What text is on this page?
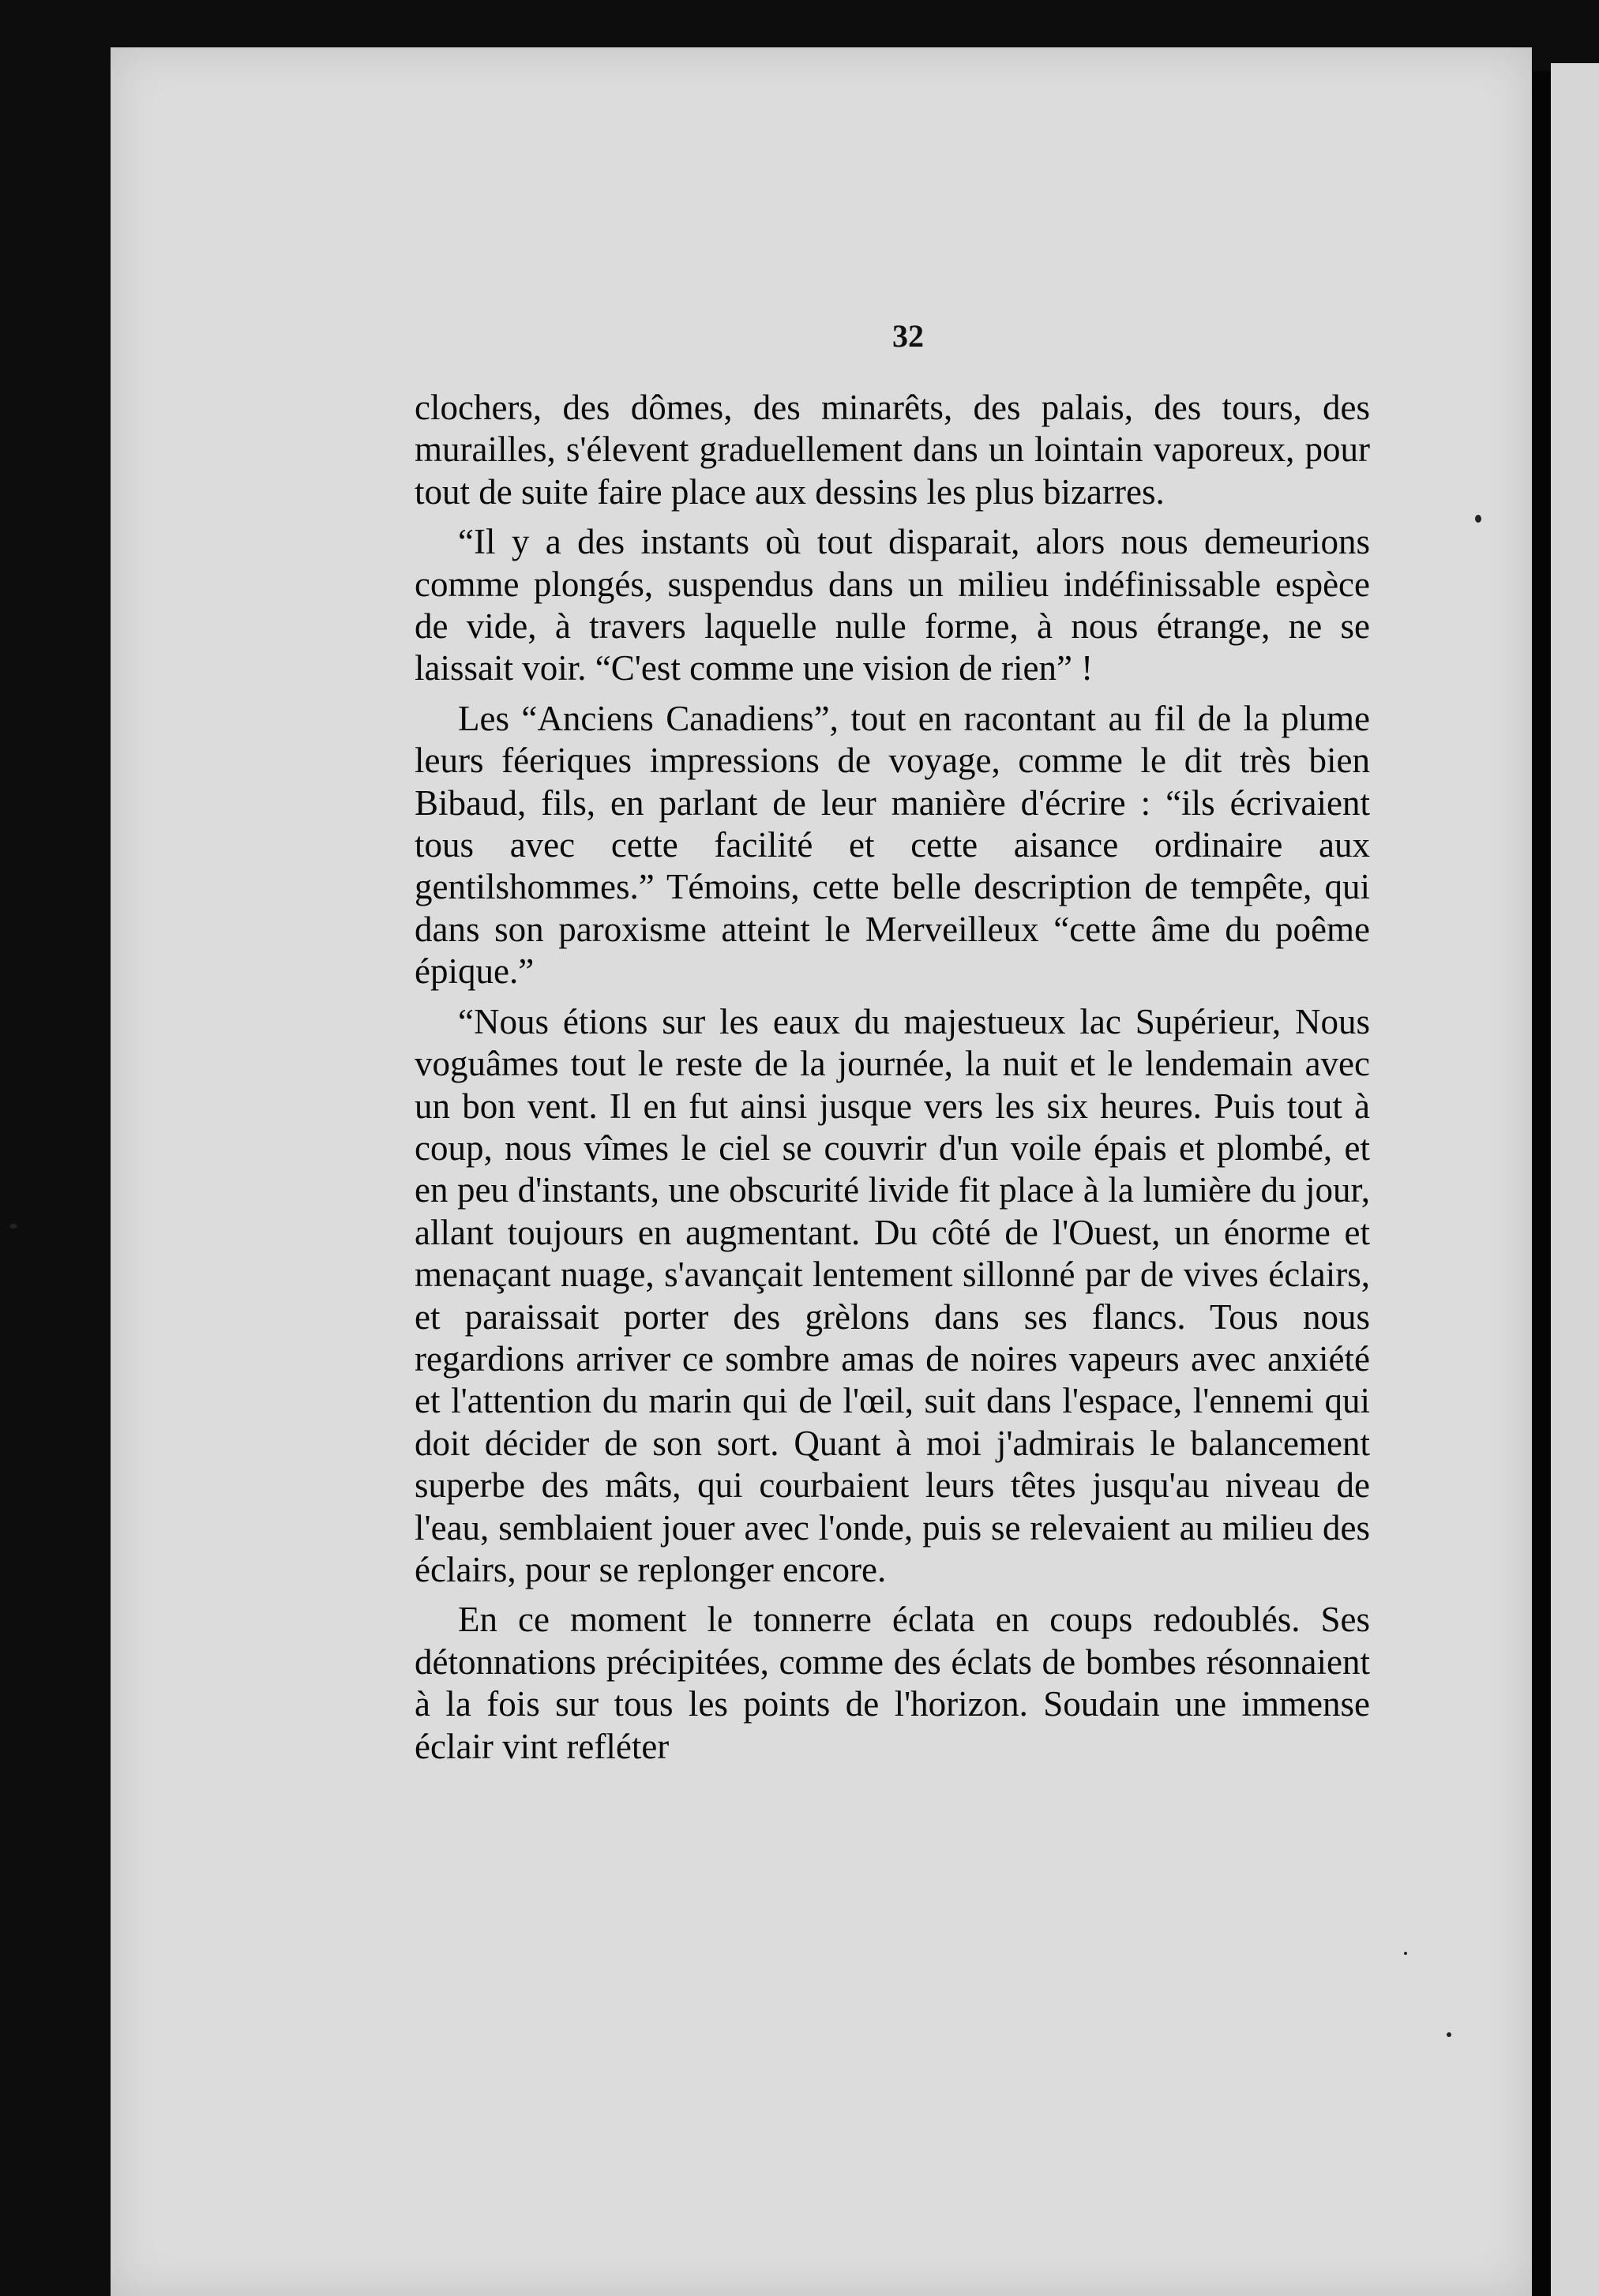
32

clochers, des dômes, des minarêts, des palais, des tours, des murailles, s'élevent graduellement dans un lointain vaporeux, pour tout de suite faire place aux dessins les plus bizarres.

“Il y a des instants où tout disparait, alors nous demeurions comme plongés, suspendus dans un milieu indéfinissable espèce de vide, à travers laquelle nulle forme, à nous étrange, ne se laissait voir. “C'est comme une vision de rien” !

Les “Anciens Canadiens”, tout en racontant au fil de la plume leurs féeriques impressions de voyage, comme le dit très bien Bibaud, fils, en parlant de leur manière d'écrire : “ils écrivaient tous avec cette facilité et cette aisance ordinaire aux gentilshommes.” Témoins, cette belle description de tempête, qui dans son paroxisme atteint le Merveilleux “cette âme du poême épique.”

“Nous étions sur les eaux du majestueux lac Supérieur, Nous voguâmes tout le reste de la journée, la nuit et le lendemain avec un bon vent. Il en fut ainsi jusque vers les six heures. Puis tout à coup, nous vîmes le ciel se couvrir d'un voile épais et plombé, et en peu d'instants, une obscurité livide fit place à la lumière du jour, allant toujours en augmentant. Du côté de l'Ouest, un énorme et menaçant nuage, s'avançait lentement sillonné par de vives éclairs, et paraissait porter des grèlons dans ses flancs. Tous nous regardions arriver ce sombre amas de noires vapeurs avec anxiété et l'attention du marin qui de l'œil, suit dans l'espace, l'ennemi qui doit décider de son sort. Quant à moi j'admirais le balancement superbe des mâts, qui courbaient leurs têtes jusqu'au niveau de l'eau, semblaient jouer avec l'onde, puis se relevaient au milieu des éclairs, pour se replonger encore.

En ce moment le tonnerre éclata en coups redoublés. Ses détonnations précipitées, comme des éclats de bombes résonnaient à la fois sur tous les points de l'horizon. Soudain une immense éclair vint refléter
